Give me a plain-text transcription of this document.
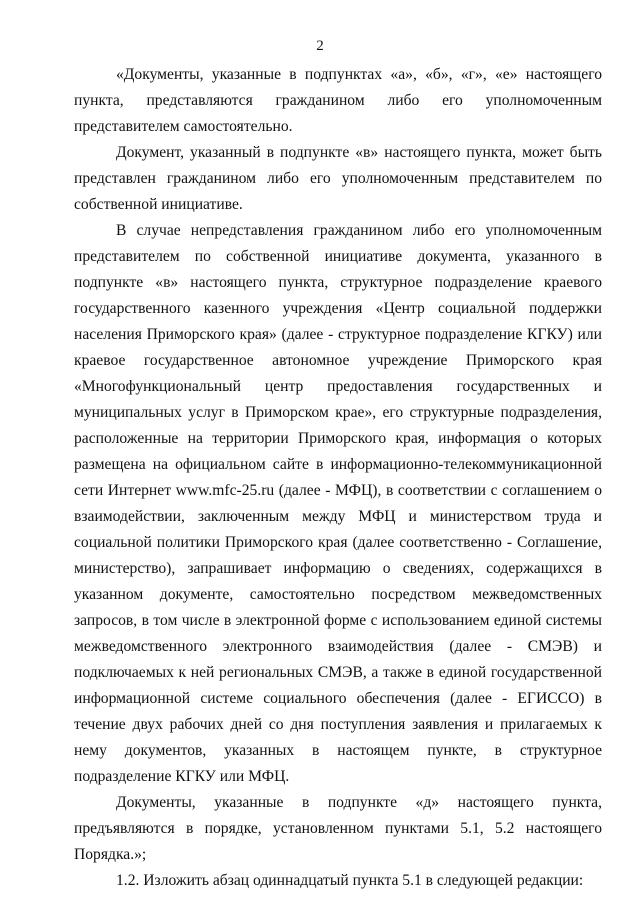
2

«Документы, указанные в подпунктах «а», «б», «г», «е» настоящего пункта, представляются гражданином либо его уполномоченным представителем самостоятельно.

Документ, указанный в подпункте «в» настоящего пункта, может быть представлен гражданином либо его уполномоченным представителем по собственной инициативе.

В случае непредставления гражданином либо его уполномоченным представителем по собственной инициативе документа, указанного в подпункте «в» настоящего пункта, структурное подразделение краевого государственного казенного учреждения «Центр социальной поддержки населения Приморского края» (далее - структурное подразделение КГКУ) или краевое государственное автономное учреждение Приморского края «Многофункциональный центр предоставления государственных и муниципальных услуг в Приморском крае», его структурные подразделения, расположенные на территории Приморского края, информация о которых размещена на официальном сайте в информационно-телекоммуникационной сети Интернет www.mfc-25.ru (далее - МФЦ), в соответствии с соглашением о взаимодействии, заключенным между МФЦ и министерством труда и социальной политики Приморского края (далее соответственно - Соглашение, министерство), запрашивает информацию о сведениях, содержащихся в указанном документе, самостоятельно посредством межведомственных запросов, в том числе в электронной форме с использованием единой системы межведомственного электронного взаимодействия (далее - СМЭВ) и подключаемых к ней региональных СМЭВ, а также в единой государственной информационной системе социального обеспечения (далее - ЕГИССО) в течение двух рабочих дней со дня поступления заявления и прилагаемых к нему документов, указанных в настоящем пункте, в структурное подразделение КГКУ или МФЦ.

Документы, указанные в подпункте «д» настоящего пункта, предъявляются в порядке, установленном пунктами 5.1, 5.2 настоящего Порядка.»;

1.2. Изложить абзац одиннадцатый пункта 5.1 в следующей редакции:
